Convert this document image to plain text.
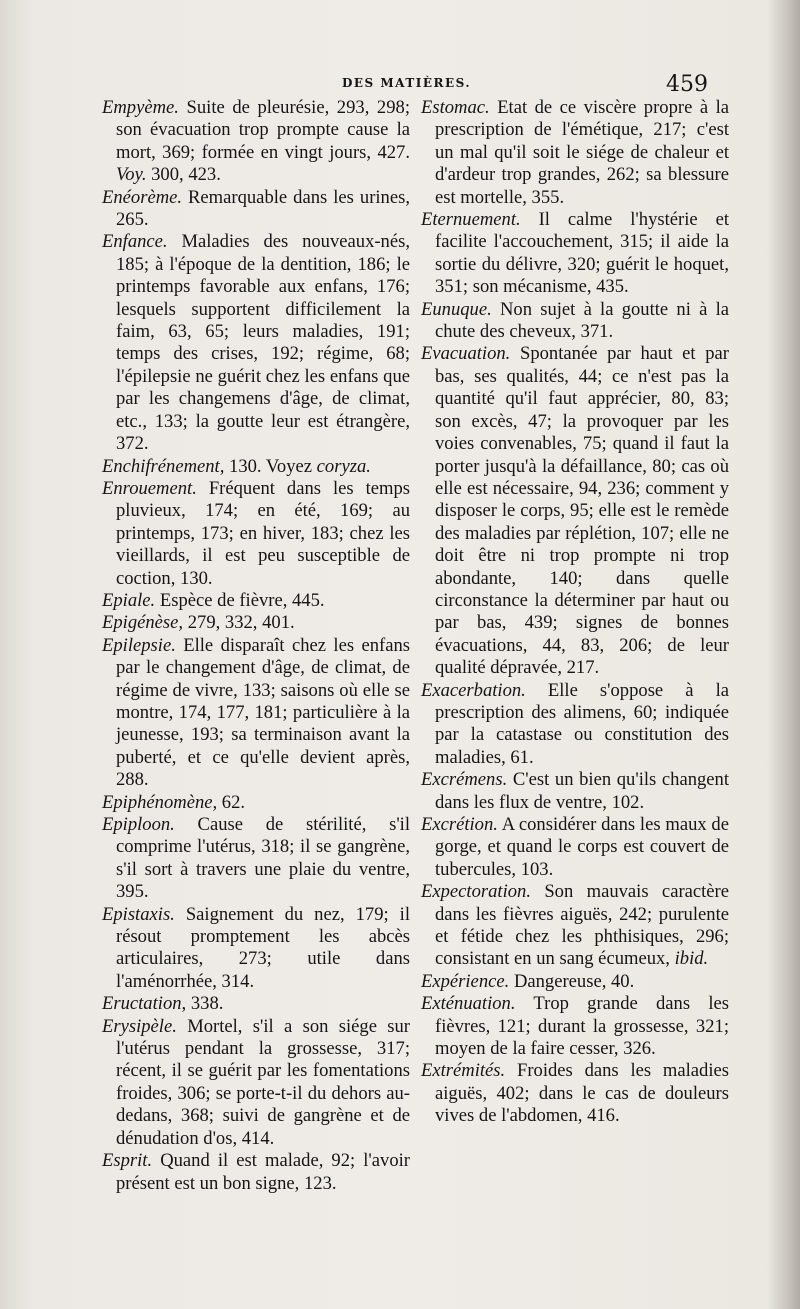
DES MATIÈRES.	459

Empyème. Suite de pleurésie, 293, 298; son évacuation trop prompte cause la mort, 369; formée en vingt jours, 427. Voy. 300, 423.

Enéorème. Remarquable dans les urines, 265.

Enfance. Maladies des nouveaux-nés, 185; à l'époque de la dentition, 186; le printemps favorable aux enfans, 176; lesquels supportent difficilement la faim, 63, 65; leurs maladies, 191; temps des crises, 192; régime, 68; l'épilepsie ne guérit chez les enfans que par les changemens d'âge, de climat, etc., 133; la goutte leur est étrangère, 372.

Enchifrénement, 130. Voyez coryza.

Enrouement. Fréquent dans les temps pluvieux, 174; en été, 169; au printemps, 173; en hiver, 183; chez les vieillards, il est peu susceptible de coction, 130.

Epiale. Espèce de fièvre, 445.

Epigénèse, 279, 332, 401.

Epilepsie. Elle disparaît chez les enfans par le changement d'âge, de climat, de régime de vivre, 133; saisons où elle se montre, 174, 177, 181; particulière à la jeunesse, 193; sa terminaison avant la puberté, et ce qu'elle devient après, 288.

Epiphénomène, 62.

Epiploon. Cause de stérilité, s'il comprime l'utérus, 318; il se gangrène, s'il sort à travers une plaie du ventre, 395.

Epistaxis. Saignement du nez, 179; il résout promptement les abcès articulaires, 273; utile dans l'aménorrhée, 314.

Eructation, 338.

Erysipèle. Mortel, s'il a son siége sur l'utérus pendant la grossesse, 317; récent, il se guérit par les fomentations froides, 306; se porte-t-il du dehors au-dedans, 368; suivi de gangrène et de dénudation d'os, 414.

Esprit. Quand il est malade, 92; l'avoir présent est un bon signe, 123.

Estomac. Etat de ce viscère propre à la prescription de l'émétique, 217; c'est un mal qu'il soit le siége de chaleur et d'ardeur trop grandes, 262; sa blessure est mortelle, 355.

Eternuement. Il calme l'hystérie et facilite l'accouchement, 315; il aide la sortie du délivre, 320; guérit le hoquet, 351; son mécanisme, 435.

Eunuque. Non sujet à la goutte ni à la chute des cheveux, 371.

Evacuation. Spontanée par haut et par bas, ses qualités, 44; ce n'est pas la quantité qu'il faut apprécier, 80, 83; son excès, 47; la provoquer par les voies convenables, 75; quand il faut la porter jusqu'à la défaillance, 80; cas où elle est nécessaire, 94, 236; comment y disposer le corps, 95; elle est le remède des maladies par réplétion, 107; elle ne doit être ni trop prompte ni trop abondante, 140; dans quelle circonstance la déterminer par haut ou par bas, 439; signes de bonnes évacuations, 44, 83, 206; de leur qualité dépravée, 217.

Exacerbation. Elle s'oppose à la prescription des alimens, 60; indiquée par la catastase ou constitution des maladies, 61.

Excrémens. C'est un bien qu'ils changent dans les flux de ventre, 102.

Excrétion. A considérer dans les maux de gorge, et quand le corps est couvert de tubercules, 103.

Expectoration. Son mauvais caractère dans les fièvres aiguës, 242; purulente et fétide chez les phthisiques, 296; consistant en un sang écumeux, ibid.

Expérience. Dangereuse, 40.

Exténuation. Trop grande dans les fièvres, 121; durant la grossesse, 321; moyen de la faire cesser, 326.

Extrémités. Froides dans les maladies aiguës, 402; dans le cas de douleurs vives de l'abdomen, 416.
